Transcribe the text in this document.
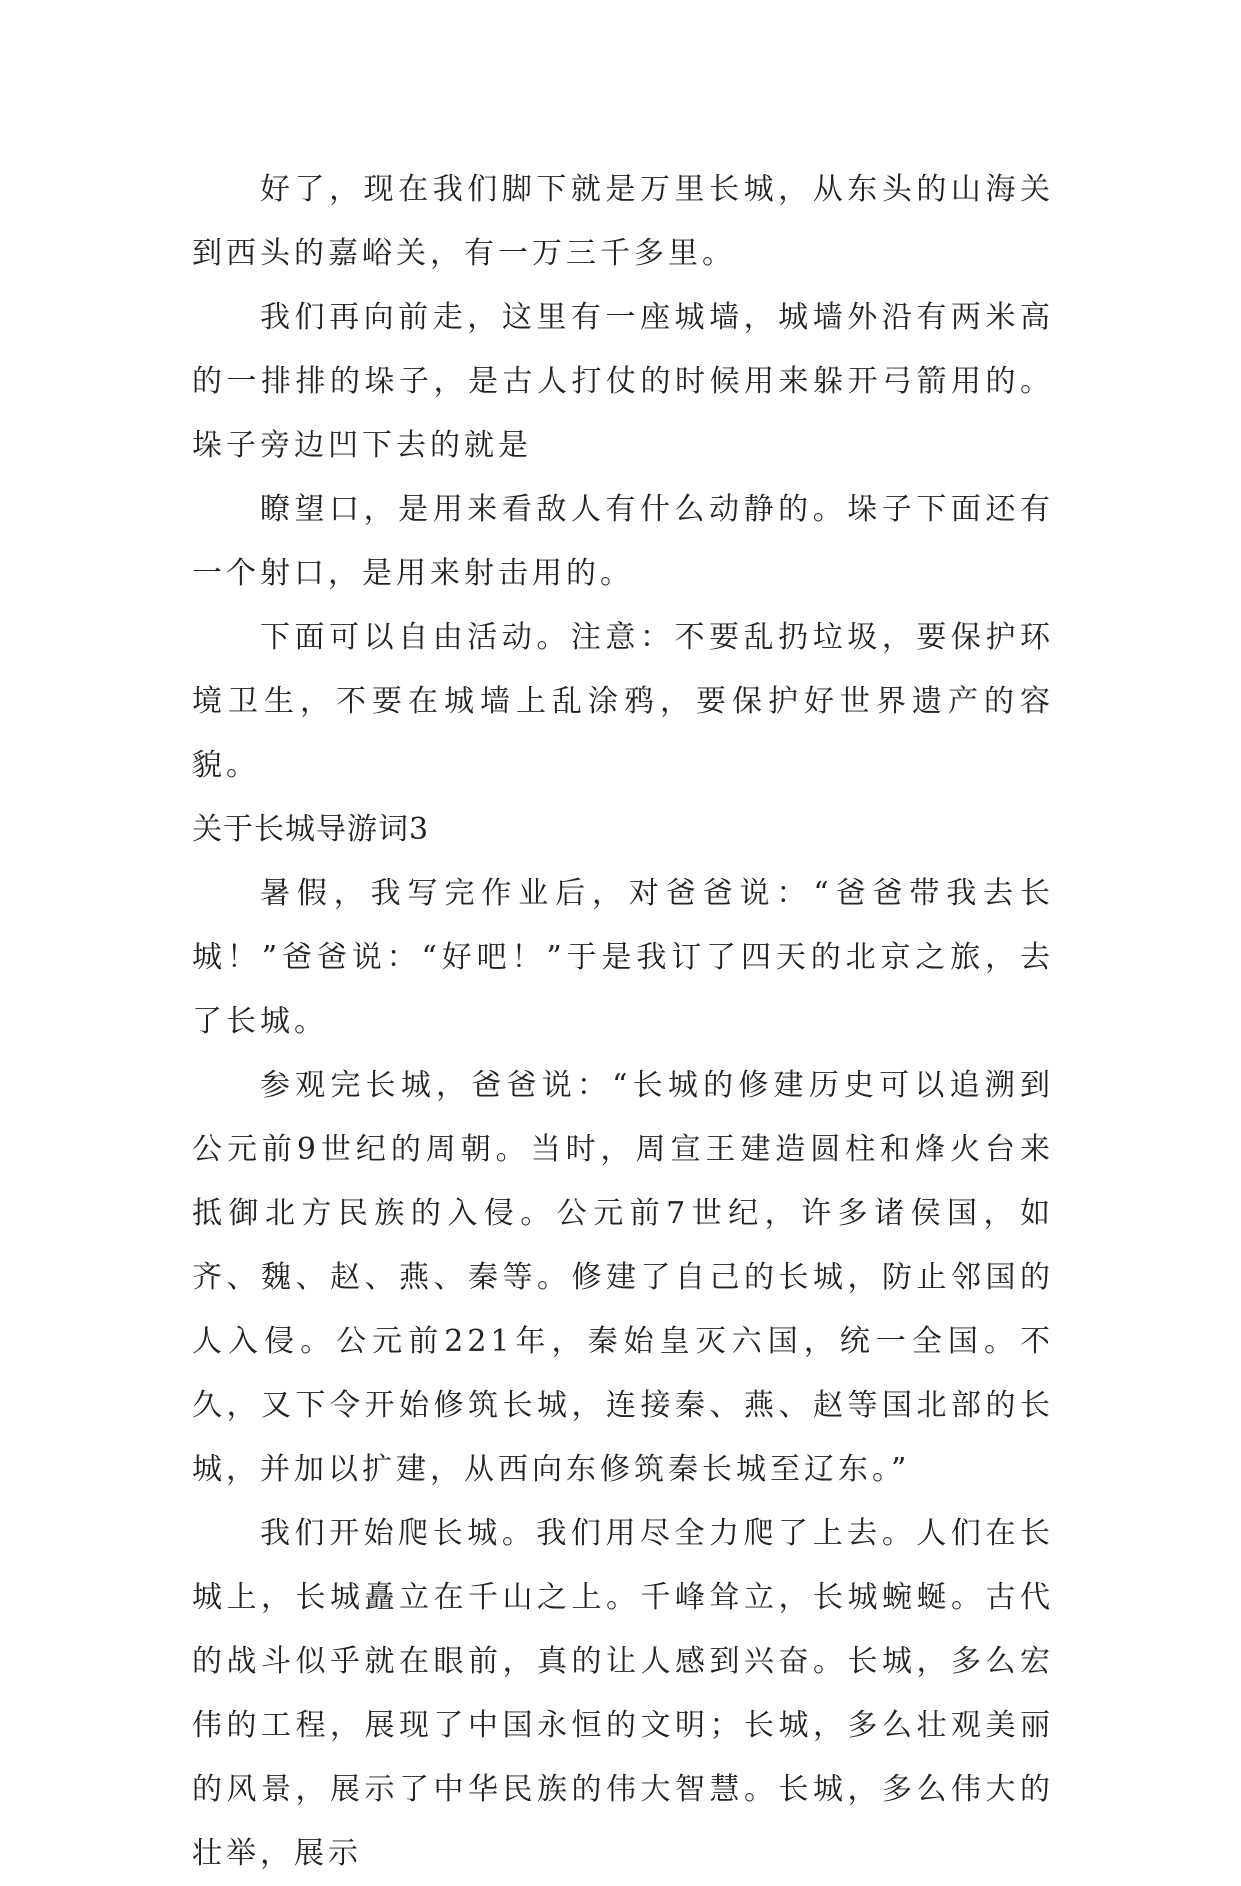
好了，现在我们脚下就是万里长城，从东头的山海关到西头的嘉峪关，有一万三千多里。

我们再向前走，这里有一座城墙，城墙外沿有两米高的一排排的垛子，是古人打仗的时候用来躲开弓箭用的。垛子旁边凹下去的就是

瞭望口，是用来看敌人有什么动静的。垛子下面还有一个射口，是用来射击用的。

下面可以自由活动。注意：不要乱扔垃圾，要保护环境卫生，不要在城墙上乱涂鸦，要保护好世界遗产的容貌。

关于长城导游词3

暑假，我写完作业后，对爸爸说：“爸爸带我去长城！”爸爸说：“好吧！”于是我订了四天的北京之旅，去了长城。

参观完长城，爸爸说：“长城的修建历史可以追溯到公元前9世纪的周朝。当时，周宣王建造圆柱和烽火台来抵御北方民族的入侵。公元前7世纪，许多诸侯国，如齐、魏、赵、燕、秦等。修建了自己的长城，防止邻国的人入侵。公元前221年，秦始皇灭六国，统一全国。不久，又下令开始修筑长城，连接秦、燕、赵等国北部的长城，并加以扩建，从西向东修筑秦长城至辽东。”

我们开始爬长城。我们用尽全力爬了上去。人们在长城上，长城矗立在千山之上。千峰耸立，长城蜿蜒。古代的战斗似乎就在眼前，真的让人感到兴奋。长城，多么宏伟的工程，展现了中国永恒的文明；长城，多么壮观美丽的风景，展示了中华民族的伟大智慧。长城，多么伟大的壮举，展示
